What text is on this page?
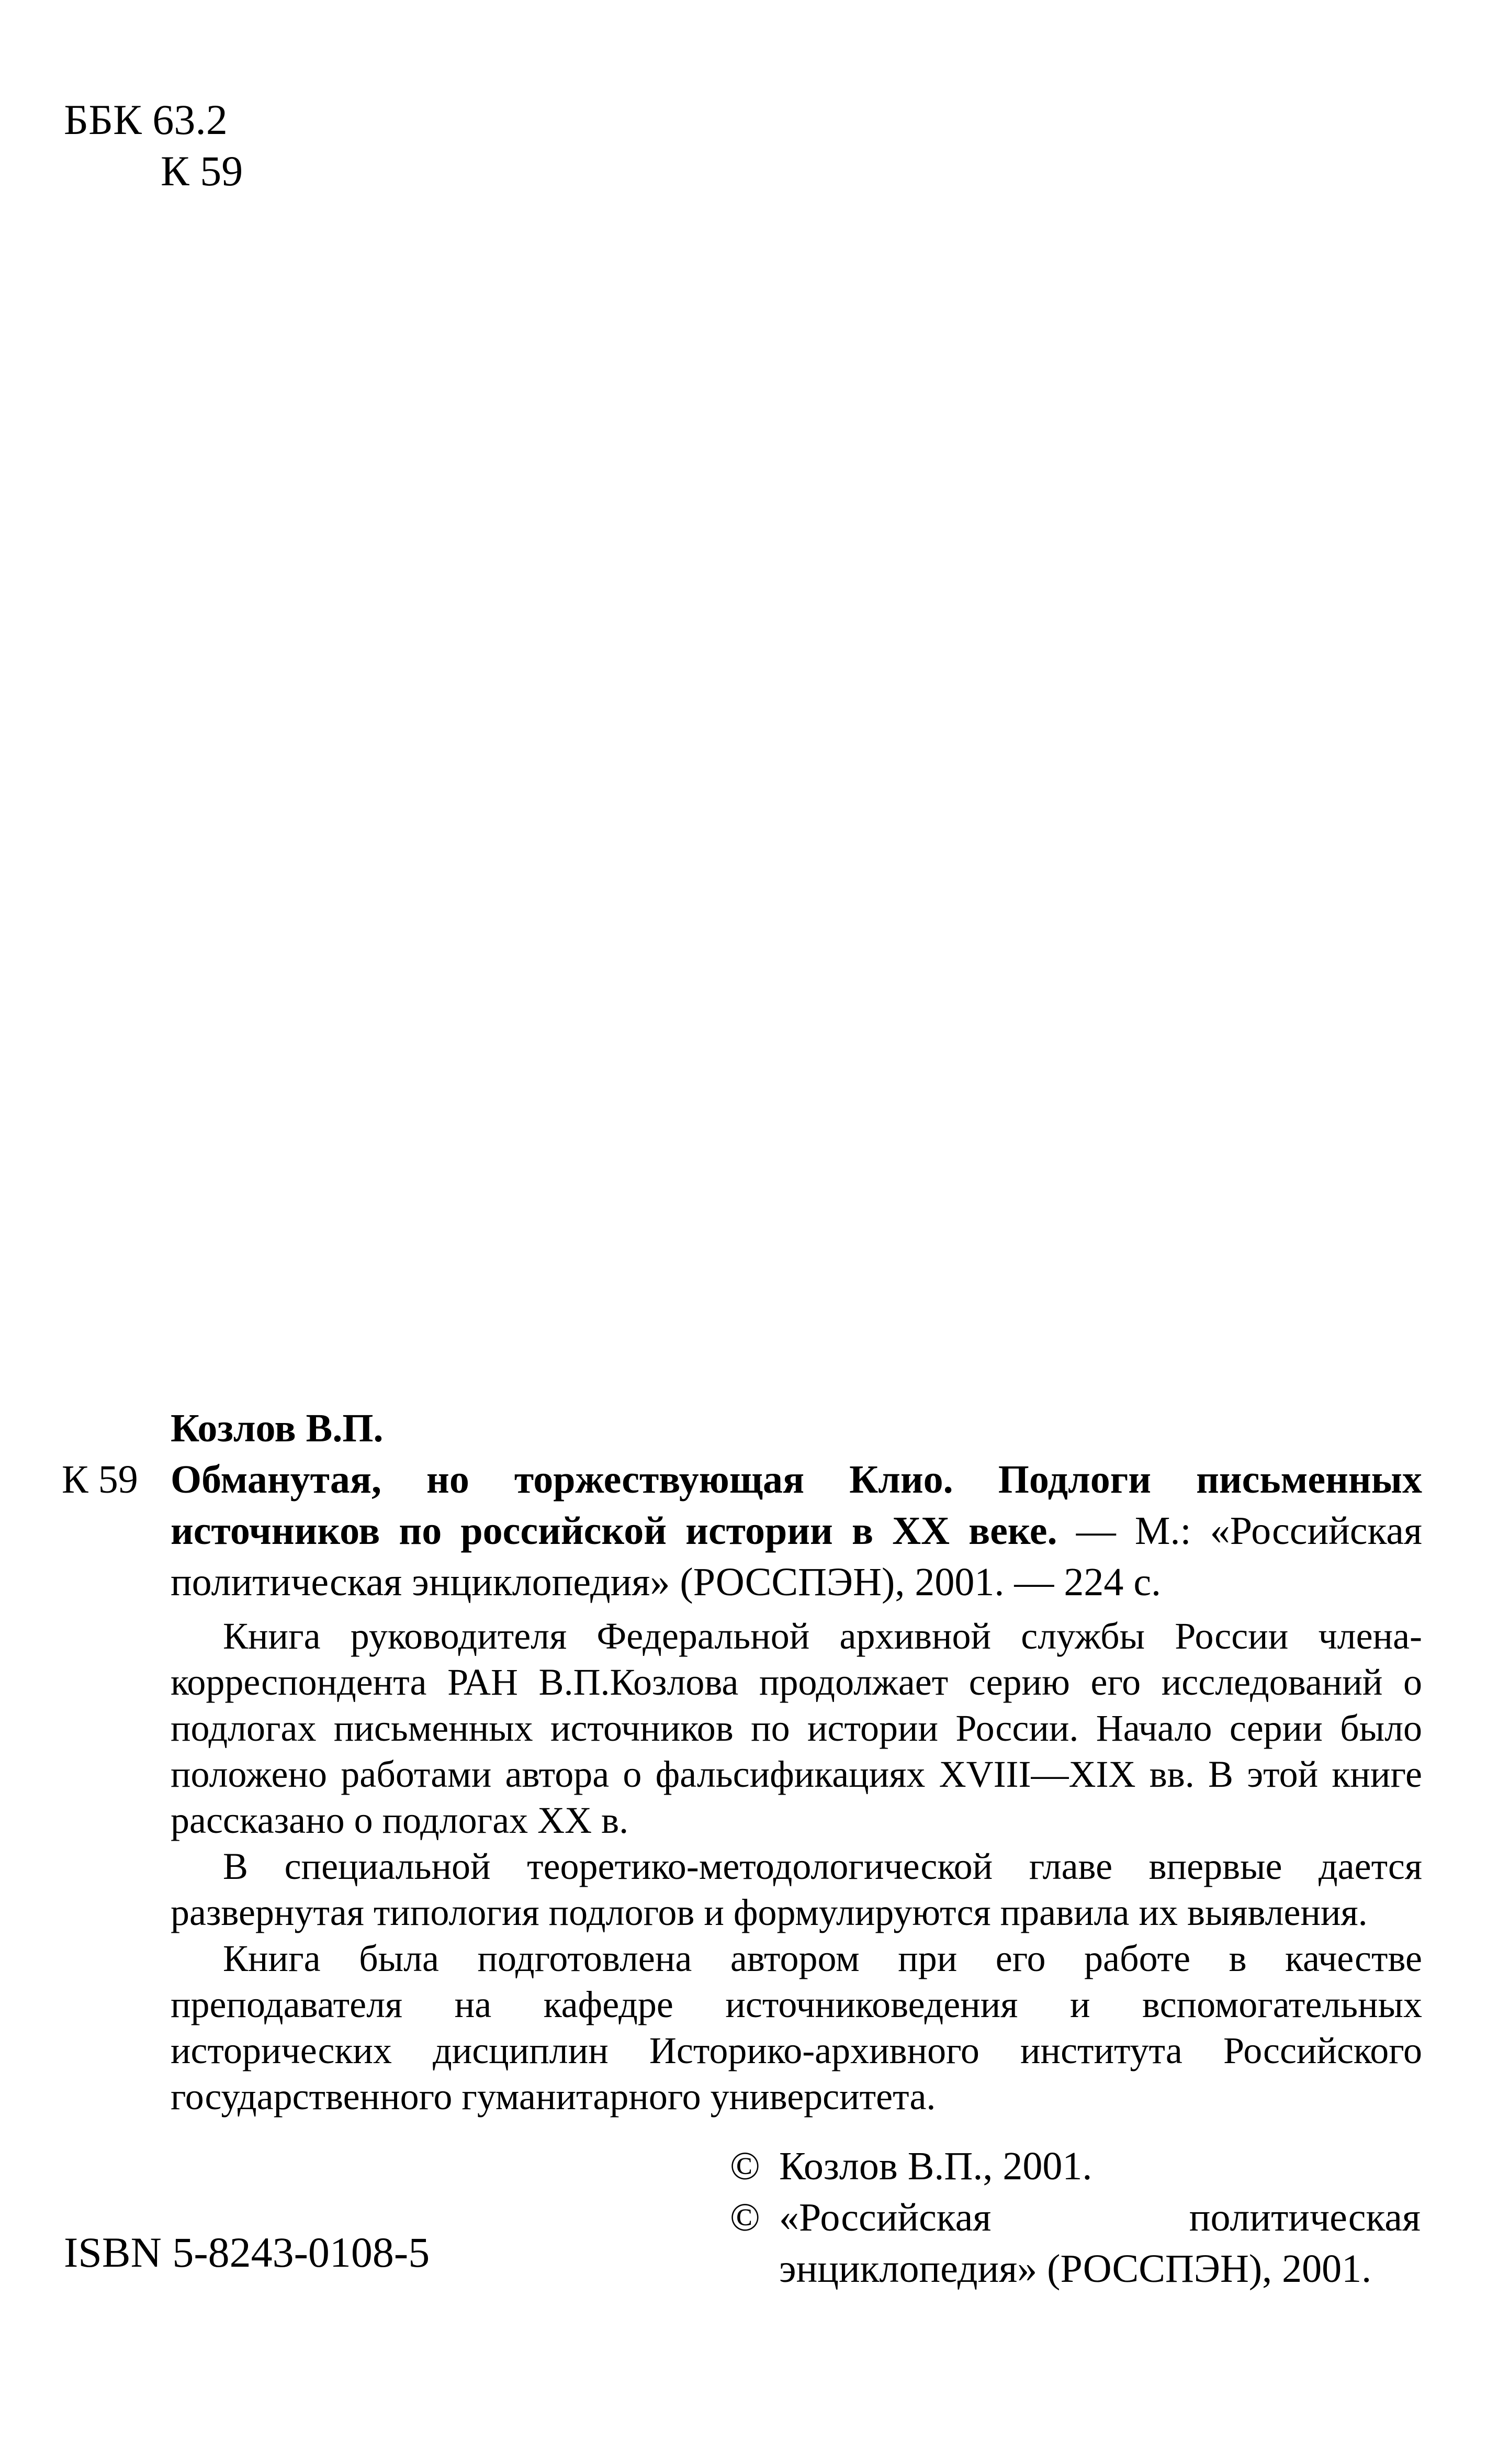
ББК 63.2
К 59
Козлов В.П.
К 59 Обманутая, но торжествующая Клио. Подлоги письменных источников по российской истории в XX веке. — М.: «Российская политическая энциклопедия» (РОССПЭН), 2001. — 224 с.

Книга руководителя Федеральной архивной службы России члена-корреспондента РАН В.П.Козлова продолжает серию его исследований о подлогах письменных источников по истории России. Начало серии было положено работами автора о фальсификациях XVIII—XIX вв. В этой книге рассказано о подлогах XX в.

В специальной теоретико-методологической главе впервые дается развернутая типология подлогов и формулируются правила их выявления.

Книга была подготовлена автором при его работе в качестве преподавателя на кафедре источниковедения и вспомогательных исторических дисциплин Историко-архивного института Российского государственного гуманитарного университета.

ISBN 5-8243-0108-5
© Козлов В.П., 2001.
© «Российская политическая энциклопедия» (РОССПЭН), 2001.
